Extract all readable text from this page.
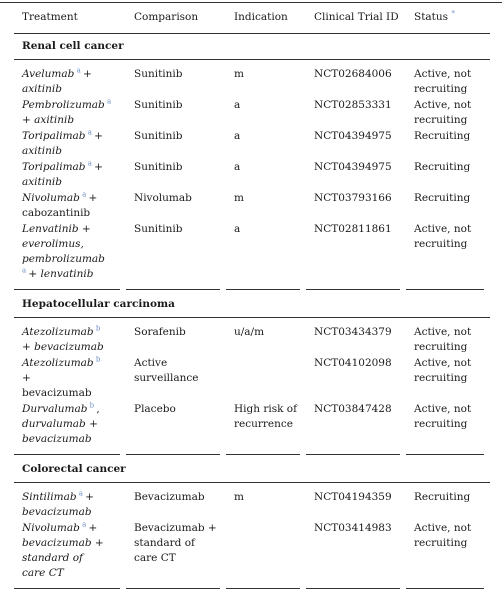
Treatment	Comparison	Indication	Clinical Trial ID	Status *
Renal cell cancer				
Avelumab $^a$ +
axitinib	Sunitinib	m	NCT02684006	Active, not recruiting
Pembrolizumab $^a$
+ axitinib	Sunitinib	a	NCT02853331	Active, not recruiting
Toripalimab $^a$ +
axitinib	Sunitinib	a	NCT04394975	Recruiting
Toripalimab $^a$ +
axitinib	Sunitinib	a	NCT04394975	Recruiting
Nivolumab $^a$ +
cabozantinib	Nivolumab	m	NCT03793166	Recruiting
Lenvatinib +
everolimus,
pembrolizumab
$^a$ + lenvatinib	Sunitinib	a	NCT02811861	Active, not recruiting

Hepatocellular carcinoma				
Atezolizumab $^b$
+ bevacizumab	Sorafenib	u/a/m	NCT03434379	Active, not recruiting
Atezolizumab $^b$
+
bevacizumab	Active surveillance		NCT04102098	Active, not recruiting
Durvalumab $^b$ ,
durvalumab +
bevacizumab	Placebo	High risk of recurrence	NCT03847428	Active, not recruiting

Colorectal cancer				
Sintilimab $^a$ +
bevacizumab	Bevacizumab	m	NCT04194359	Recruiting
Nivolumab $^a$ +
bevacizumab +
standard of
care CT	Bevacizumab + standard of care CT		NCT03414983	Active, not recruiting
